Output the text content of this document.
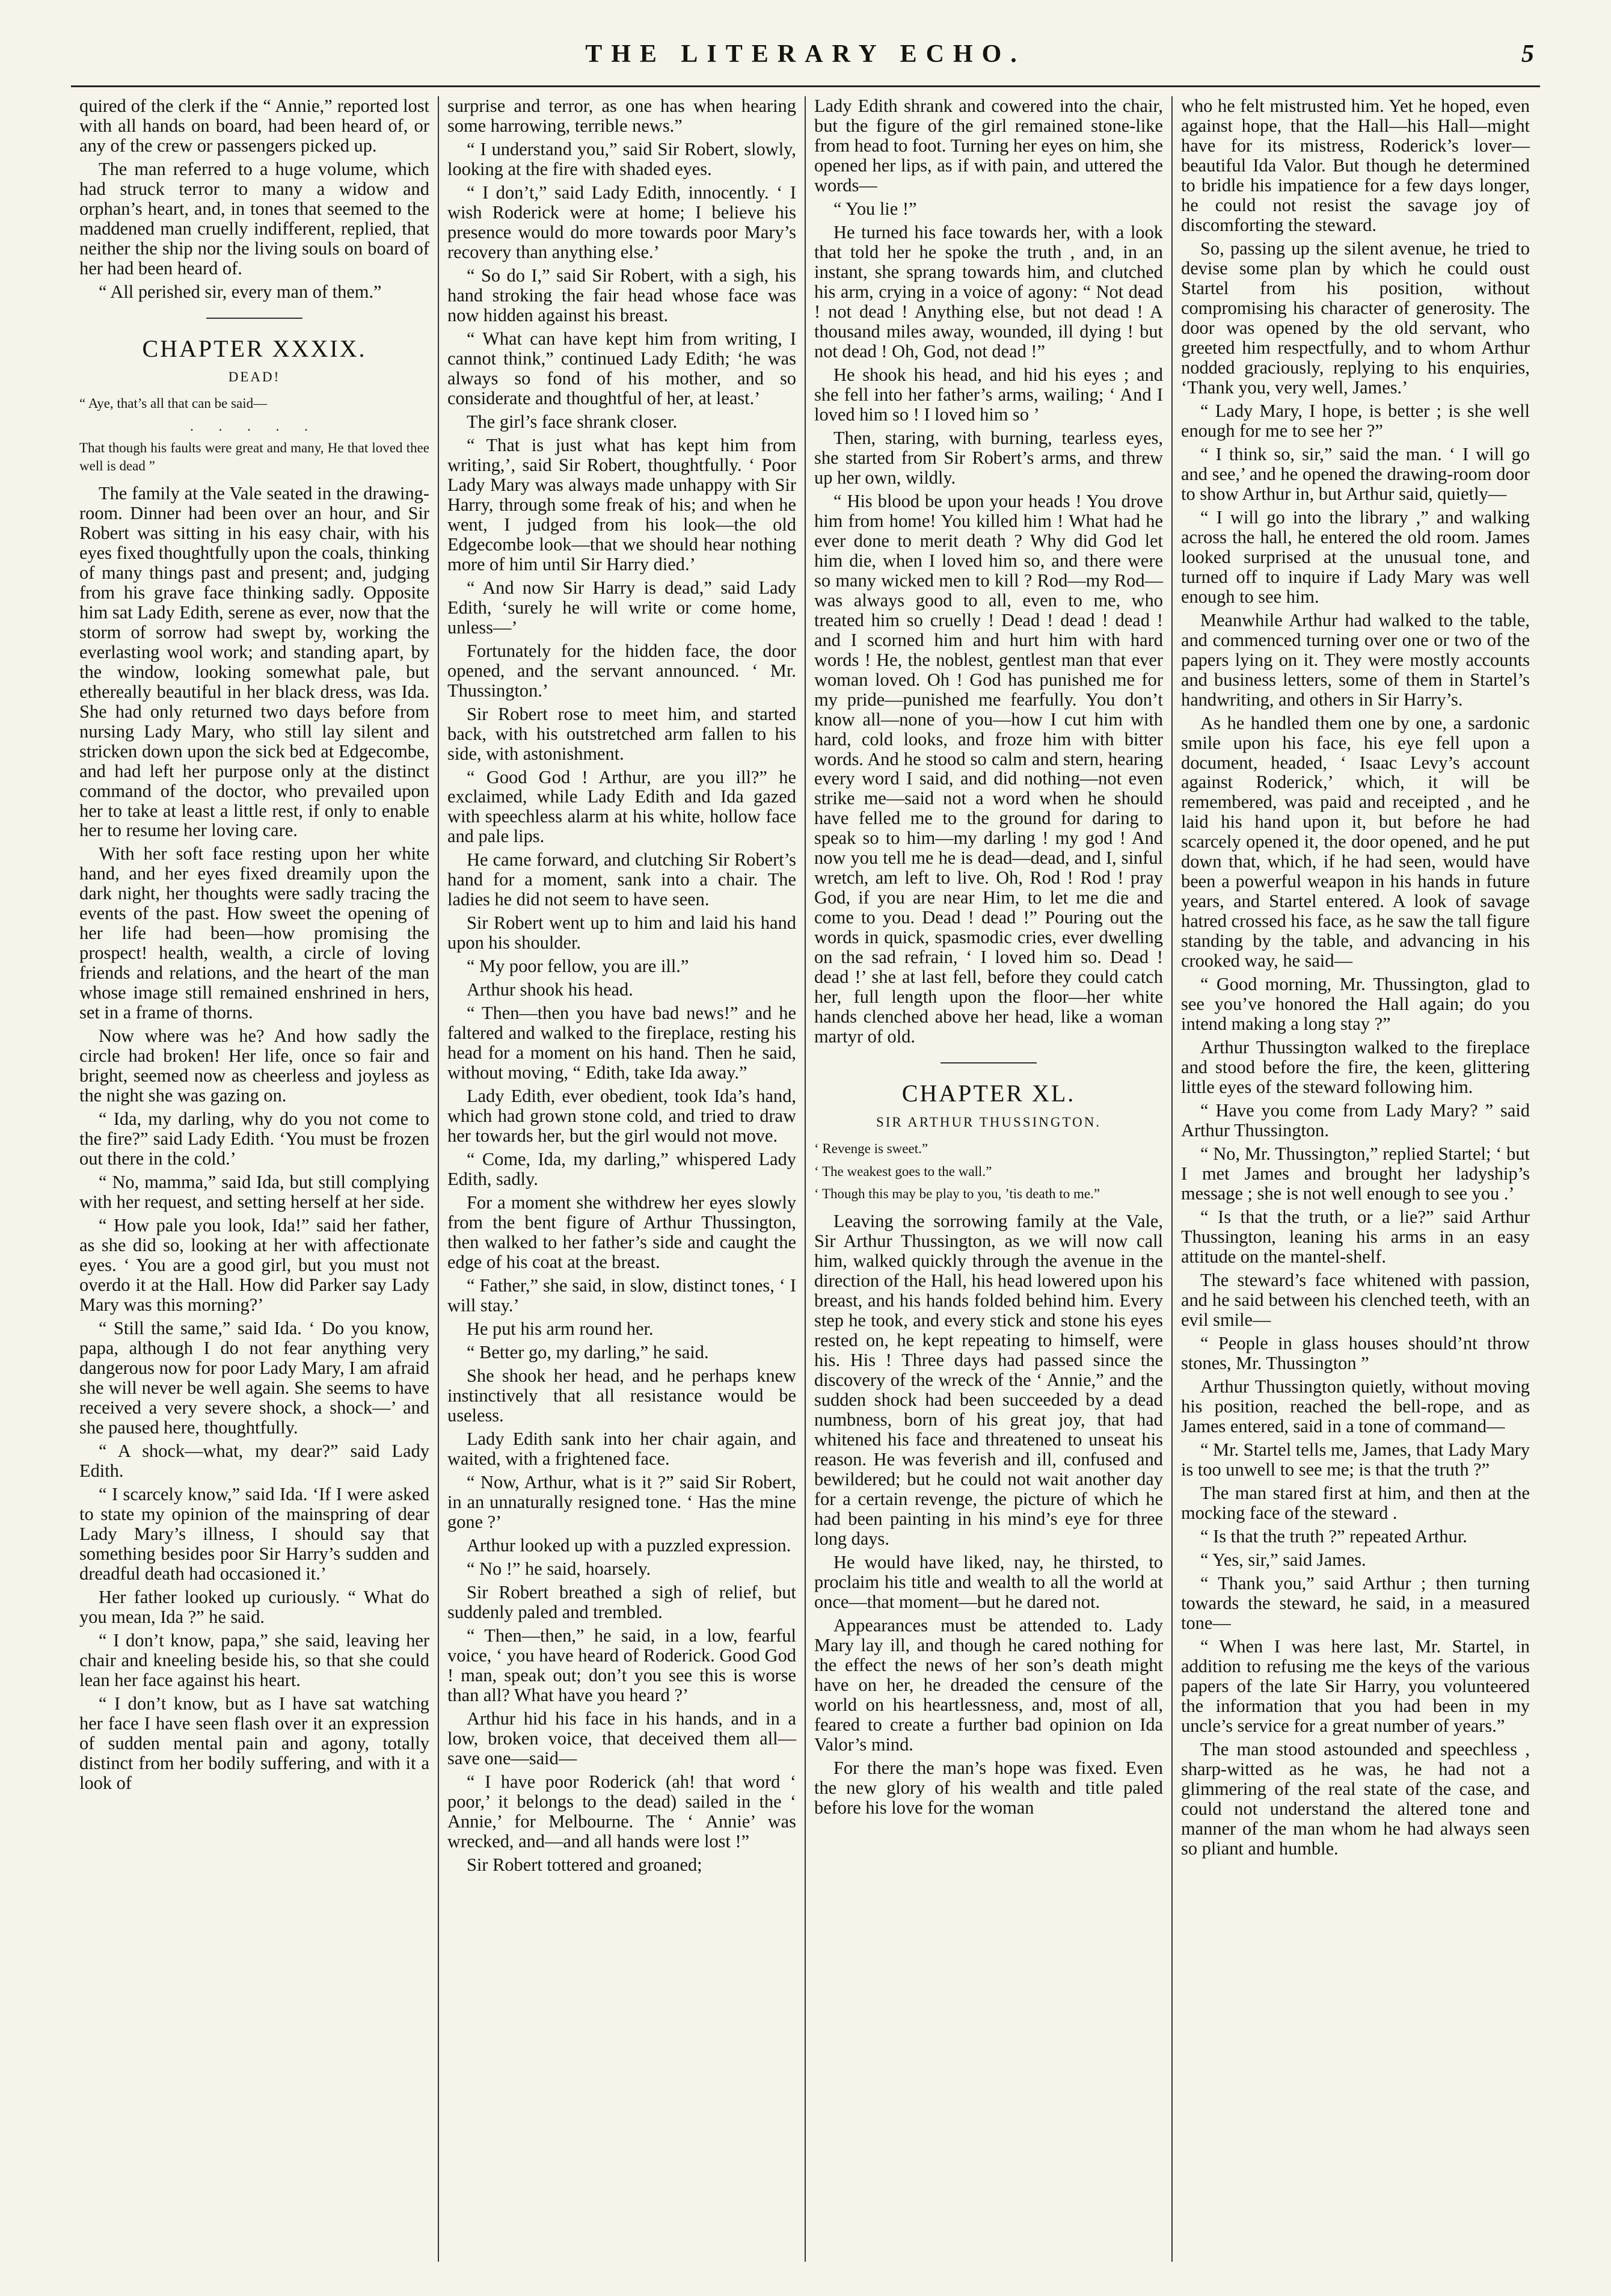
THE LITERARY ECHO.	5

quired of the clerk if the “ Annie,” reported lost with all hands on board, had been heard of, or any of the crew or passengers picked up.

The man referred to a huge volume, which had struck terror to many a widow and orphan’s heart, and, in tones that seemed to the maddened man cruelly indifferent, replied, that neither the ship nor the living souls on board of her had been heard of.

“ All perished sir, every man of them.”

CHAPTER XXXIX.
DEAD!
“ Aye, that’s all that can be said—
. . . . .
That though his faults were great and many, He that loved thee well is dead ”

The family at the Vale seated in the drawing-room. Dinner had been over an hour, and Sir Robert was sitting in his easy chair, with his eyes fixed thoughtfully upon the coals, thinking of many things past and present; and, judging from his grave face thinking sadly. Opposite him sat Lady Edith, serene as ever, now that the storm of sorrow had swept by, working the everlasting wool work; and standing apart, by the window, looking somewhat pale, but ethereally beautiful in her black dress, was Ida. She had only returned two days before from nursing Lady Mary, who still lay silent and stricken down upon the sick bed at Edgecombe, and had left her purpose only at the distinct command of the doctor, who prevailed upon her to take at least a little rest, if only to enable her to resume her loving care.

With her soft face resting upon her white hand, and her eyes fixed dreamily upon the dark night, her thoughts were sadly tracing the events of the past. How sweet the opening of her life had been—how promising the prospect! health, wealth, a circle of loving friends and relations, and the heart of the man whose image still remained enshrined in hers, set in a frame of thorns.

Now where was he? And how sadly the circle had broken! Her life, once so fair and bright, seemed now as cheerless and joyless as the night she was gazing on.

“ Ida, my darling, why do you not come to the fire?” said Lady Edith. ‘You must be frozen out there in the cold.’

“ No, mamma,” said Ida, but still complying with her request, and setting herself at her side.

“ How pale you look, Ida!” said her father, as she did so, looking at her with affectionate eyes. ‘ You are a good girl, but you must not overdo it at the Hall. How did Parker say Lady Mary was this morning?’

“ Still the same,” said Ida. ‘ Do you know, papa, although I do not fear anything very dangerous now for poor Lady Mary, I am afraid she will never be well again. She seems to have received a very severe shock, a shock—’ and she paused here, thoughtfully.

“ A shock—what, my dear?” said Lady Edith.

“ I scarcely know,” said Ida. ‘If I were asked to state my opinion of the mainspring of dear Lady Mary’s illness, I should say that something besides poor Sir Harry’s sudden and dreadful death had occasioned it.’

Her father looked up curiously. “ What do you mean, Ida ?” he said.

“ I don’t know, papa,” she said, leaving her chair and kneeling beside his, so that she could lean her face against his heart.

“ I don’t know, but as I have sat watching her face I have seen flash over it an expression of sudden mental pain and agony, totally distinct from her bodily suffering, and with it a look of

surprise and terror, as one has when hearing some harrowing, terrible news.”

“ I understand you,” said Sir Robert, slowly, looking at the fire with shaded eyes.

“ I don’t,” said Lady Edith, innocently. ‘ I wish Roderick were at home; I believe his presence would do more towards poor Mary’s recovery than anything else.’

“ So do I,” said Sir Robert, with a sigh, his hand stroking the fair head whose face was now hidden against his breast.

“ What can have kept him from writing, I cannot think,” continued Lady Edith; ‘he was always so fond of his mother, and so considerate and thoughtful of her, at least.’

The girl’s face shrank closer.

“ That is just what has kept him from writing,’, said Sir Robert, thoughtfully. ‘ Poor Lady Mary was always made unhappy with Sir Harry, through some freak of his; and when he went, I judged from his look—the old Edgecombe look—that we should hear nothing more of him until Sir Harry died.’

“ And now Sir Harry is dead,” said Lady Edith, ‘surely he will write or come home, unless—’

Fortunately for the hidden face, the door opened, and the servant announced. ‘ Mr. Thussington.’

Sir Robert rose to meet him, and started back, with his outstretched arm fallen to his side, with astonishment.

“ Good God ! Arthur, are you ill?” he exclaimed, while Lady Edith and Ida gazed with speechless alarm at his white, hollow face and pale lips.

He came forward, and clutching Sir Robert’s hand for a moment, sank into a chair. The ladies he did not seem to have seen.

Sir Robert went up to him and laid his hand upon his shoulder.

“ My poor fellow, you are ill.”

Arthur shook his head.

“ Then—then you have bad news!” and he faltered and walked to the fireplace, resting his head for a moment on his hand. Then he said, without moving, “ Edith, take Ida away.”

Lady Edith, ever obedient, took Ida’s hand, which had grown stone cold, and tried to draw her towards her, but the girl would not move.

“ Come, Ida, my darling,” whispered Lady Edith, sadly.

For a moment she withdrew her eyes slowly from the bent figure of Arthur Thussington, then walked to her father’s side and caught the edge of his coat at the breast.

“ Father,” she said, in slow, distinct tones, ‘ I will stay.’

He put his arm round her.

“ Better go, my darling,” he said.

She shook her head, and he perhaps knew instinctively that all resistance would be useless.

Lady Edith sank into her chair again, and waited, with a frightened face.

“ Now, Arthur, what is it ?” said Sir Robert, in an unnaturally resigned tone. ‘ Has the mine gone ?’

Arthur looked up with a puzzled expression.

“ No !” he said, hoarsely.

Sir Robert breathed a sigh of relief, but suddenly paled and trembled.

“ Then—then,” he said, in a low, fearful voice, ‘ you have heard of Roderick. Good God ! man, speak out; don’t you see this is worse than all? What have you heard ?’

Arthur hid his face in his hands, and in a low, broken voice, that deceived them all—save one—said—

“ I have poor Roderick (ah! that word ‘ poor,’ it belongs to the dead) sailed in the ‘ Annie,’ for Melbourne. The ‘ Annie’ was wrecked, and—and all hands were lost !”

Sir Robert tottered and groaned;

Lady Edith shrank and cowered into the chair, but the figure of the girl remained stone-like from head to foot. Turning her eyes on him, she opened her lips, as if with pain, and uttered the words—

“ You lie !”

He turned his face towards her, with a look that told her he spoke the truth , and, in an instant, she sprang towards him, and clutched his arm, crying in a voice of agony: “ Not dead ! not dead ! Anything else, but not dead ! A thousand miles away, wounded, ill dying ! but not dead ! Oh, God, not dead !”

He shook his head, and hid his eyes ; and she fell into her father’s arms, wailing; ‘ And I loved him so ! I loved him so ’

Then, staring, with burning, tearless eyes, she started from Sir Robert’s arms, and threw up her own, wildly.

“ His blood be upon your heads ! You drove him from home! You killed him ! What had he ever done to merit death ? Why did God let him die, when I loved him so, and there were so many wicked men to kill ? Rod—my Rod—was always good to all, even to me, who treated him so cruelly ! Dead ! dead ! dead ! and I scorned him and hurt him with hard words ! He, the noblest, gentlest man that ever woman loved. Oh ! God has punished me for my pride—punished me fearfully. You don’t know all—none of you—how I cut him with hard, cold looks, and froze him with bitter words. And he stood so calm and stern, hearing every word I said, and did nothing—not even strike me—said not a word when he should have felled me to the ground for daring to speak so to him—my darling ! my god ! And now you tell me he is dead—dead, and I, sinful wretch, am left to live. Oh, Rod ! Rod ! pray God, if you are near Him, to let me die and come to you. Dead ! dead !” Pouring out the words in quick, spasmodic cries, ever dwelling on the sad refrain, ‘ I loved him so. Dead ! dead !’ she at last fell, before they could catch her, full length upon the floor—her white hands clenched above her head, like a woman martyr of old.

CHAPTER XL.
SIR ARTHUR THUSSINGTON.
‘ Revenge is sweet.”
‘ The weakest goes to the wall.”
‘ Though this may be play to you, ’tis death to me.”

Leaving the sorrowing family at the Vale, Sir Arthur Thussington, as we will now call him, walked quickly through the avenue in the direction of the Hall, his head lowered upon his breast, and his hands folded behind him. Every step he took, and every stick and stone his eyes rested on, he kept repeating to himself, were his. His ! Three days had passed since the discovery of the wreck of the ‘ Annie,” and the sudden shock had been succeeded by a dead numbness, born of his great joy, that had whitened his face and threatened to unseat his reason. He was feverish and ill, confused and bewildered; but he could not wait another day for a certain revenge, the picture of which he had been painting in his mind’s eye for three long days.

He would have liked, nay, he thirsted, to proclaim his title and wealth to all the world at once—that moment—but he dared not.

Appearances must be attended to. Lady Mary lay ill, and though he cared nothing for the effect the news of her son’s death might have on her, he dreaded the censure of the world on his heartlessness, and, most of all, feared to create a further bad opinion on Ida Valor’s mind.

For there the man’s hope was fixed. Even the new glory of his wealth and title paled before his love for the woman

who he felt mistrusted him. Yet he hoped, even against hope, that the Hall—his Hall—might have for its mistress, Roderick’s lover—beautiful Ida Valor. But though he determined to bridle his impatience for a few days longer, he could not resist the savage joy of discomforting the steward.

So, passing up the silent avenue, he tried to devise some plan by which he could oust Startel from his position, without compromising his character of generosity. The door was opened by the old servant, who greeted him respectfully, and to whom Arthur nodded graciously, replying to his enquiries, ‘Thank you, very well, James.’

“ Lady Mary, I hope, is better ; is she well enough for me to see her ?”

“ I think so, sir,” said the man. ‘ I will go and see,’ and he opened the drawing-room door to show Arthur in, but Arthur said, quietly—

“ I will go into the library ,” and walking across the hall, he entered the old room. James looked surprised at the unusual tone, and turned off to inquire if Lady Mary was well enough to see him.

Meanwhile Arthur had walked to the table, and commenced turning over one or two of the papers lying on it. They were mostly accounts and business letters, some of them in Startel’s handwriting, and others in Sir Harry’s.

As he handled them one by one, a sardonic smile upon his face, his eye fell upon a document, headed, ‘ Isaac Levy’s account against Roderick,’ which, it will be remembered, was paid and receipted , and he laid his hand upon it, but before he had scarcely opened it, the door opened, and he put down that, which, if he had seen, would have been a powerful weapon in his hands in future years, and Startel entered. A look of savage hatred crossed his face, as he saw the tall figure standing by the table, and advancing in his crooked way, he said—

“ Good morning, Mr. Thussington, glad to see you’ve honored the Hall again; do you intend making a long stay ?”

Arthur Thussington walked to the fireplace and stood before the fire, the keen, glittering little eyes of the steward following him.

“ Have you come from Lady Mary? ” said Arthur Thussington.

“ No, Mr. Thussington,” replied Startel; ‘ but I met James and brought her ladyship’s message ; she is not well enough to see you .’

“ Is that the truth, or a lie?” said Arthur Thussington, leaning his arms in an easy attitude on the mantel-shelf.

The steward’s face whitened with passion, and he said between his clenched teeth, with an evil smile—

“ People in glass houses should’nt throw stones, Mr. Thussington ”

Arthur Thussington quietly, without moving his position, reached the bell-rope, and as James entered, said in a tone of command—

“ Mr. Startel tells me, James, that Lady Mary is too unwell to see me; is that the truth ?”

The man stared first at him, and then at the mocking face of the steward .

“ Is that the truth ?” repeated Arthur.

“ Yes, sir,” said James.

“ Thank you,” said Arthur ; then turning towards the steward, he said, in a measured tone—

“ When I was here last, Mr. Startel, in addition to refusing me the keys of the various papers of the late Sir Harry, you volunteered the information that you had been in my uncle’s service for a great number of years.”

The man stood astounded and speechless , sharp-witted as he was, he had not a glimmering of the real state of the case, and could not understand the altered tone and manner of the man whom he had always seen so pliant and humble.
